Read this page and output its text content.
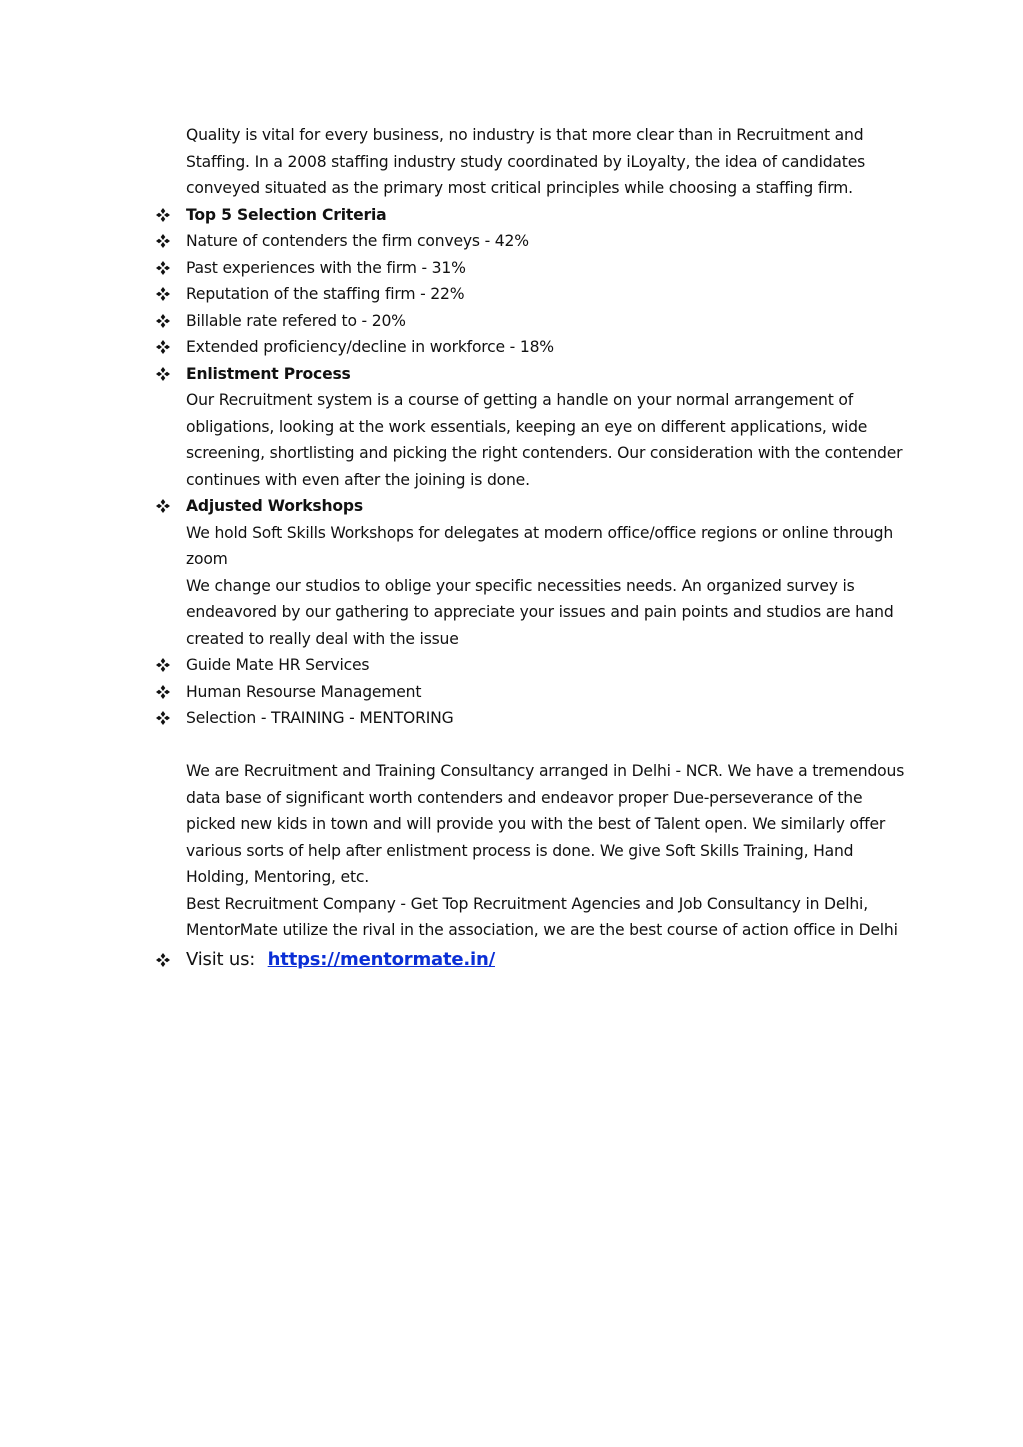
Quality is vital for every business, no industry is that more clear than in Recruitment and Staffing. In a 2008 staffing industry study coordinated by iLoyalty, the idea of candidates conveyed situated as the primary most critical principles while choosing a staffing firm.

Top 5 Selection Criteria
Nature of contenders the firm conveys - 42%
Past experiences with the firm - 31%
Reputation of the staffing firm - 22%
Billable rate refered to - 20%
Extended proficiency/decline in workforce - 18%
Enlistment Process

Our Recruitment system is a course of getting a handle on your normal arrangement of obligations, looking at the work essentials, keeping an eye on different applications, wide screening, shortlisting and picking the right contenders. Our consideration with the contender continues with even after the joining is done.

Adjusted Workshops

We hold Soft Skills Workshops for delegates at modern office/office regions or online through zoom

We change our studios to oblige your specific necessities needs. An organized survey is endeavored by our gathering to appreciate your issues and pain points and studios are hand created to really deal with the issue

Guide Mate HR Services
Human Resourse Management
Selection - TRAINING - MENTORING

We are Recruitment and Training Consultancy arranged in Delhi - NCR. We have a tremendous data base of significant worth contenders and endeavor proper Due-perseverance of the picked new kids in town and will provide you with the best of Talent open. We similarly offer various sorts of help after enlistment process is done. We give Soft Skills Training, Hand Holding, Mentoring, etc.

Best Recruitment Company - Get Top Recruitment Agencies and Job Consultancy in Delhi, MentorMate utilize the rival in the association, we are the best course of action office in Delhi

Visit us: https://mentormate.in/
